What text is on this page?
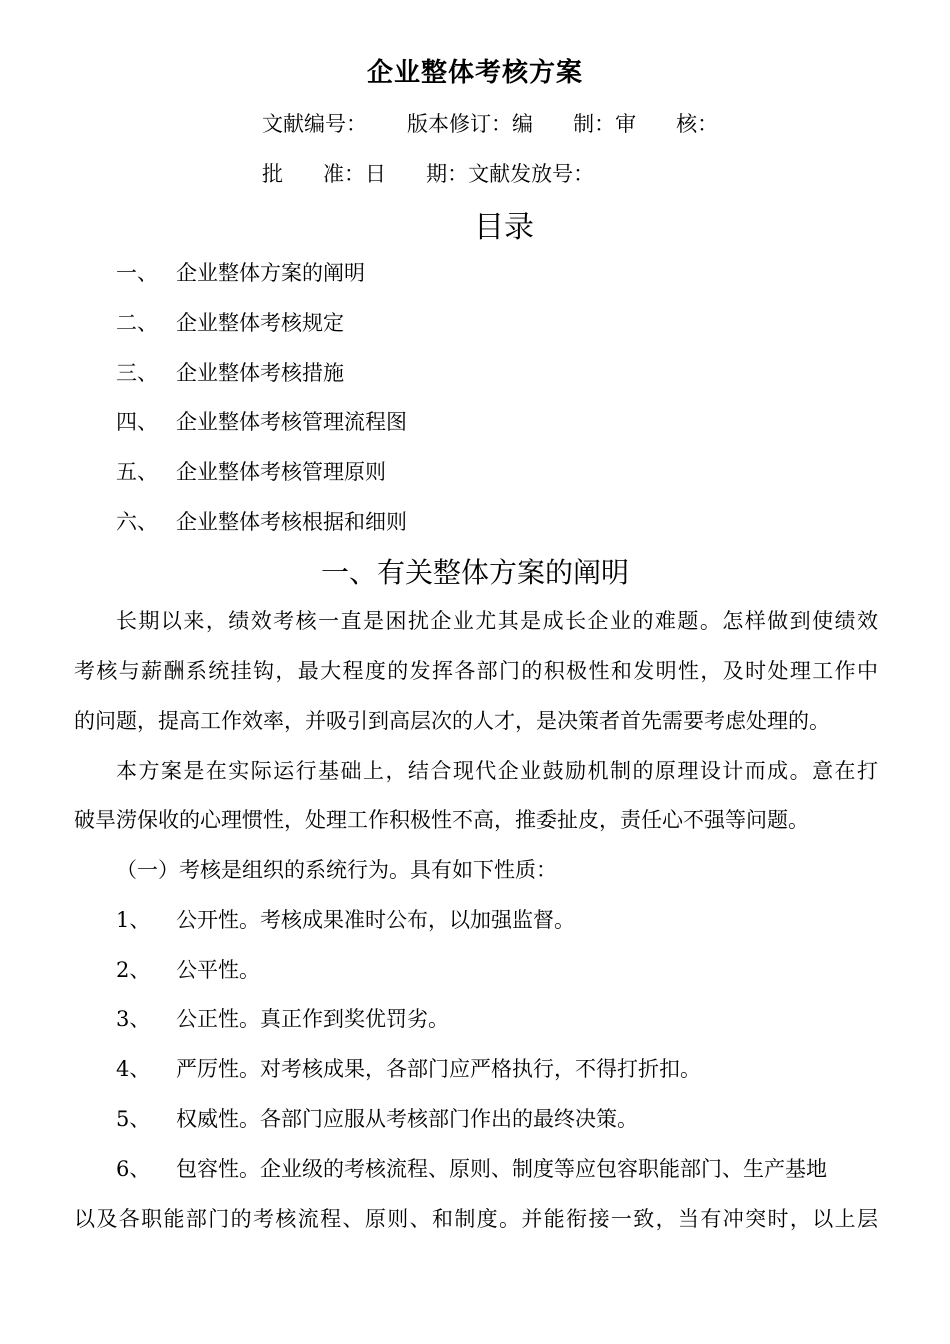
企业整体考核方案
文献编号：      版本修订：编      制：审      核：
批      准：日      期：文献发放号：
目录
一、 企业整体方案的阐明
二、 企业整体考核规定
三、 企业整体考核措施
四、 企业整体考核管理流程图
五、 企业整体考核管理原则
六、 企业整体考核根据和细则
一、有关整体方案的阐明
长期以来，绩效考核一直是困扰企业尤其是成长企业的难题。怎样做到使绩效
考核与薪酬系统挂钩，最大程度的发挥各部门的积极性和发明性，及时处理工作中
的问题，提高工作效率，并吸引到高层次的人才，是决策者首先需要考虑处理的。
本方案是在实际运行基础上，结合现代企业鼓励机制的原理设计而成。意在打
破旱涝保收的心理惯性，处理工作积极性不高，推委扯皮，责任心不强等问题。
（一）考核是组织的系统行为。具有如下性质：
1、 公开性。考核成果准时公布，以加强监督。
2、 公平性。
3、 公正性。真正作到奖优罚劣。
4、 严厉性。对考核成果，各部门应严格执行，不得打折扣。
5、 权威性。各部门应服从考核部门作出的最终决策。
6、 包容性。企业级的考核流程、原则、制度等应包容职能部门、生产基地
以及各职能部门的考核流程、原则、和制度。并能衔接一致，当有冲突时，以上层
